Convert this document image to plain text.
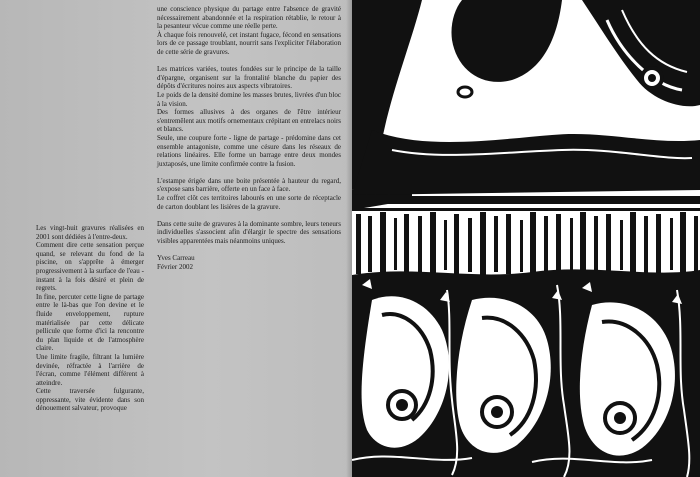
Les vingt-huit gravures réalisées en 2001 sont dédiées à l'entre-deux.

Comment dire cette sensation perçue quand, se relevant du fond de la piscine, on s'apprête à émerger progressivement à la surface de l'eau - instant à la fois désiré et plein de regrets.

In fine, percuter cette ligne de partage entre le là-bas que l'on devine et le fluide enveloppement, rupture matérialisée par cette délicate pellicule que forme d'ici la rencontre du plan liquide et de l'atmosphère claire.

Une limite fragile, filtrant la lumière devinée, réfractée à l'arrière de l'écran, comme l'élément différent à atteindre.

Cette traversée fulgurante, oppressante, vite évidente dans son dénouement salvateur, provoque

une conscience physique du partage entre l'absence de gravité nécessairement abandonnée et la respiration rétablie, le retour à la pesanteur vécue comme une réelle perte.

À chaque fois renouvelé, cet instant fugace, fécond en sensations lors de ce passage troublant, nourrit sans l'expliciter l'élaboration de cette série de gravures.

Les matrices variées, toutes fondées sur le principe de la taille d'épargne, organisent sur la frontalité blanche du papier des dépôts d'écritures noires aux aspects vibratoires.

Le poids de la densité domine les masses brutes, livrées d'un bloc à la vision.

Des formes allusives à des organes de l'être intérieur s'entremêlent aux motifs ornementaux crépitant en entrelacs noirs et blancs.

Seule, une coupure forte - ligne de partage - prédomine dans cet ensemble antagoniste, comme une césure dans les réseaux de relations linéaires. Elle forme un barrage entre deux mondes juxtaposés, une limite confirmée contre la fusion.

L'estampe érigée dans une boite présentée à hauteur du regard, s'expose sans barrière, offerte en un face à face.

Le coffret clôt ces territoires labourés en une sorte de réceptacle de carton doublant les lisières de la gravure.

Dans cette suite de gravures à la dominante sombre, leurs teneurs individuelles s'associent afin d'élargir le spectre des sensations visibles apparentées mais néanmoins uniques.

Yves Carreau
Février 2002
